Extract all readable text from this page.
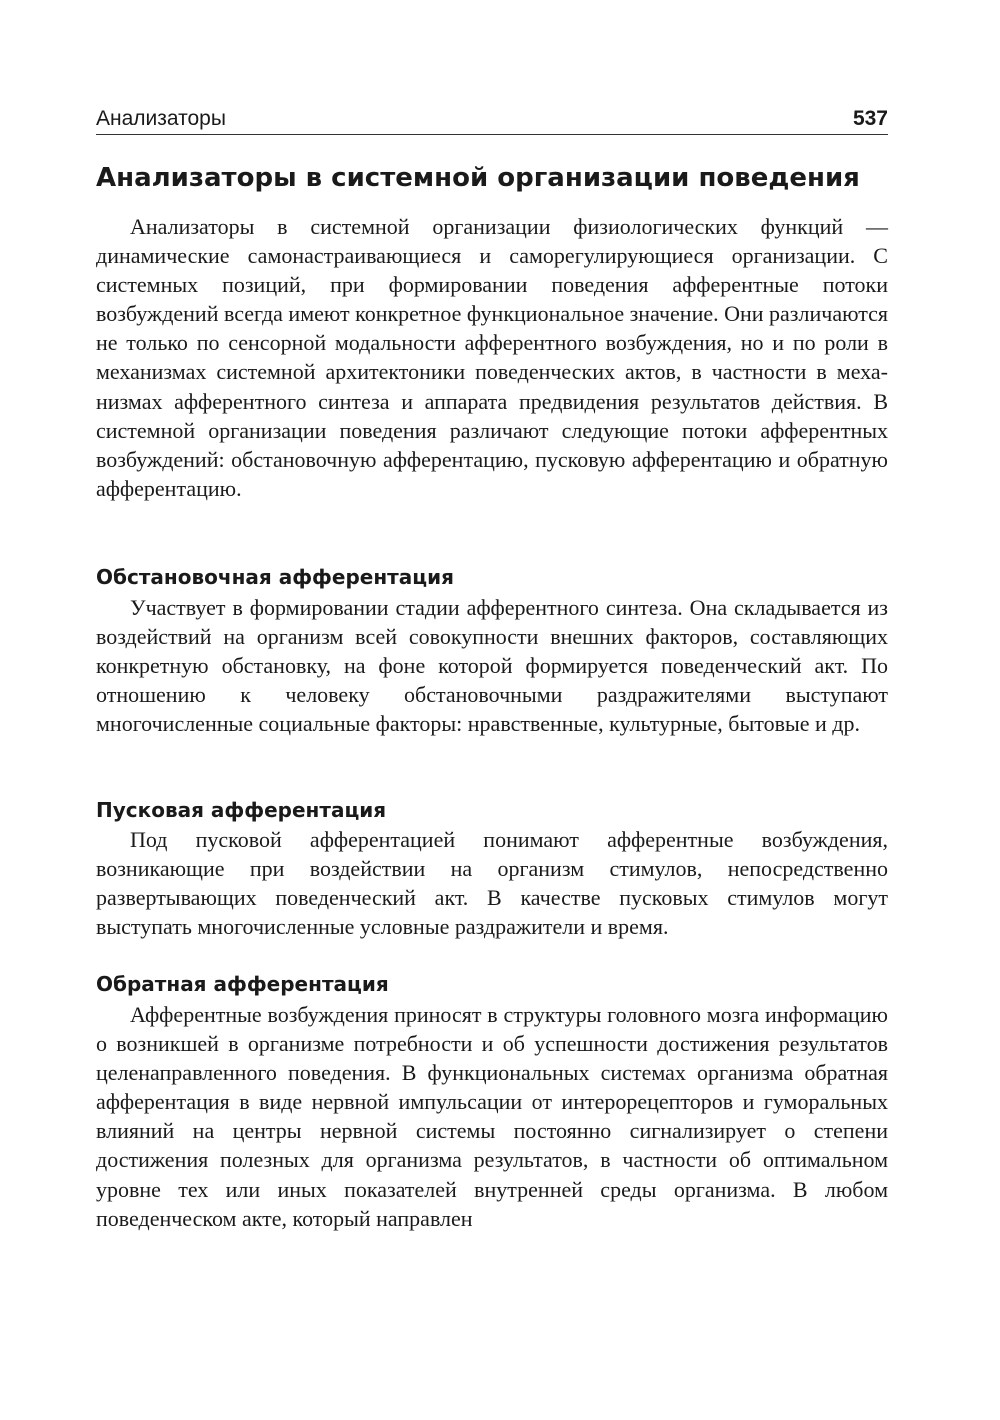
Анализаторы	537
Анализаторы в системной организации поведения

Анализаторы в системной организации физиологических функций — динамические самонастраивающиеся и саморегулирующиеся организации. С системных позиций, при формировании поведения афферентные потоки возбуждений всегда имеют конкретное функциональное значение. Они различаются не только по сенсорной модальности афферентного возбуждения, но и по роли в механизмах системной архитектоники поведенческих актов, в частности в механизмах афферентного синтеза и аппарата предвидения результатов действия. В системной организации поведения различают следующие потоки афферентных возбуждений: обстановочную афферентацию, пусковую афферентацию и обратную афферентацию.

Обстановочная афферентация

Участвует в формировании стадии афферентного синтеза. Она складывается из воздействий на организм всей совокупности внешних факторов, составляющих конкретную обстановку, на фоне которой формируется поведенческий акт. По отношению к человеку обстановочными раздражителями выступают многочисленные социальные факторы: нравственные, культурные, бытовые и др.

Пусковая афферентация

Под пусковой афферентацией понимают афферентные возбуждения, возникающие при воздействии на организм стимулов, непосредственно развертывающих поведенческий акт. В качестве пусковых стимулов могут выступать многочисленные условные раздражители и время.

Обратная афферентация

Афферентные возбуждения приносят в структуры головного мозга информацию о возникшей в организме потребности и об успешности достижения результатов целенаправленного поведения. В функциональных системах организма обратная афферентация в виде нервной импульсации от интерорецепторов и гуморальных влияний на центры нервной системы постоянно сигнализирует о степени достижения полезных для организма результатов, в частности об оптимальном уровне тех или иных показателей внутренней среды организма. В любом поведенческом акте, который направлен
